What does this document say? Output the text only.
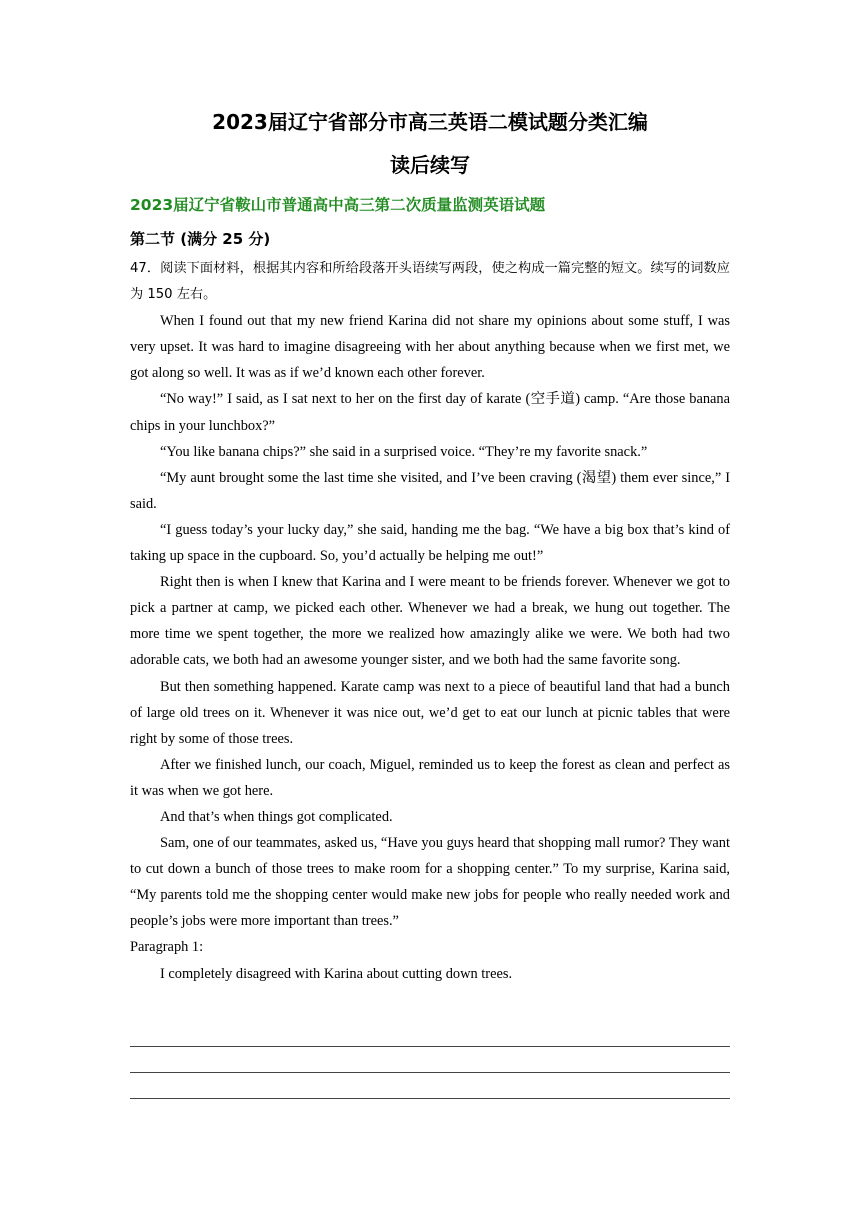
2023届辽宁省部分市高三英语二模试题分类汇编
读后续写
2023届辽宁省鞍山市普通高中高三第二次质量监测英语试题
第二节 (满分 25 分)

47．阅读下面材料，根据其内容和所给段落开头语续写两段，使之构成一篇完整的短文。续写的词数应为 150 左右。

When I found out that my new friend Karina did not share my opinions about some stuff, I was very upset. It was hard to imagine disagreeing with her about anything because when we first met, we got along so well. It was as if we’d known each other forever.

“No way!” I said, as I sat next to her on the first day of karate (空手道) camp. “Are those banana chips in your lunchbox?”

“You like banana chips?” she said in a surprised voice. “They’re my favorite snack.”

“My aunt brought some the last time she visited, and I’ve been craving (渴望) them ever since,” I said.

“I guess today’s your lucky day,” she said, handing me the bag. “We have a big box that’s kind of taking up space in the cupboard. So, you’d actually be helping me out!”

Right then is when I knew that Karina and I were meant to be friends forever. Whenever we got to pick a partner at camp, we picked each other. Whenever we had a break, we hung out together. The more time we spent together, the more we realized how amazingly alike we were. We both had two adorable cats, we both had an awesome younger sister, and we both had the same favorite song.

But then something happened. Karate camp was next to a piece of beautiful land that had a bunch of large old trees on it. Whenever it was nice out, we’d get to eat our lunch at picnic tables that were right by some of those trees.

After we finished lunch, our coach, Miguel, reminded us to keep the forest as clean and perfect as it was when we got here.

And that’s when things got complicated.

Sam, one of our teammates, asked us, “Have you guys heard that shopping mall rumor? They want to cut down a bunch of those trees to make room for a shopping center.” To my surprise, Karina said, “My parents told me the shopping center would make new jobs for people who really needed work and people’s jobs were more important than trees.”

Paragraph 1:

I completely disagreed with Karina about cutting down trees.
